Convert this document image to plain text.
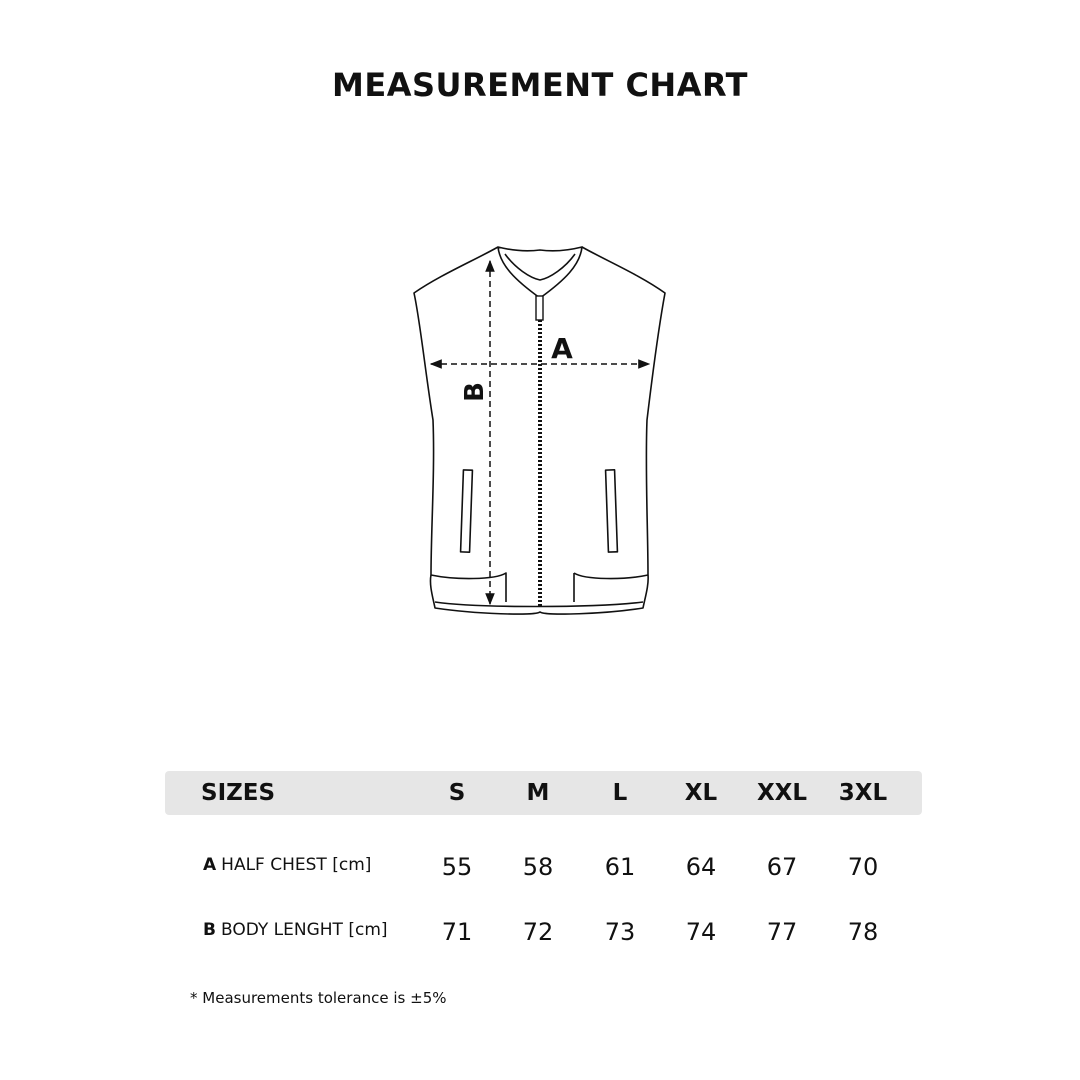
MEASUREMENT CHART
A
B
SIZES	S	M	L	XL	XXL	3XL
A HALF CHEST [cm]	55	58	61	64	67	70
B BODY LENGHT [cm]	71	72	73	74	77	78
* Measurements tolerance is ±5%
